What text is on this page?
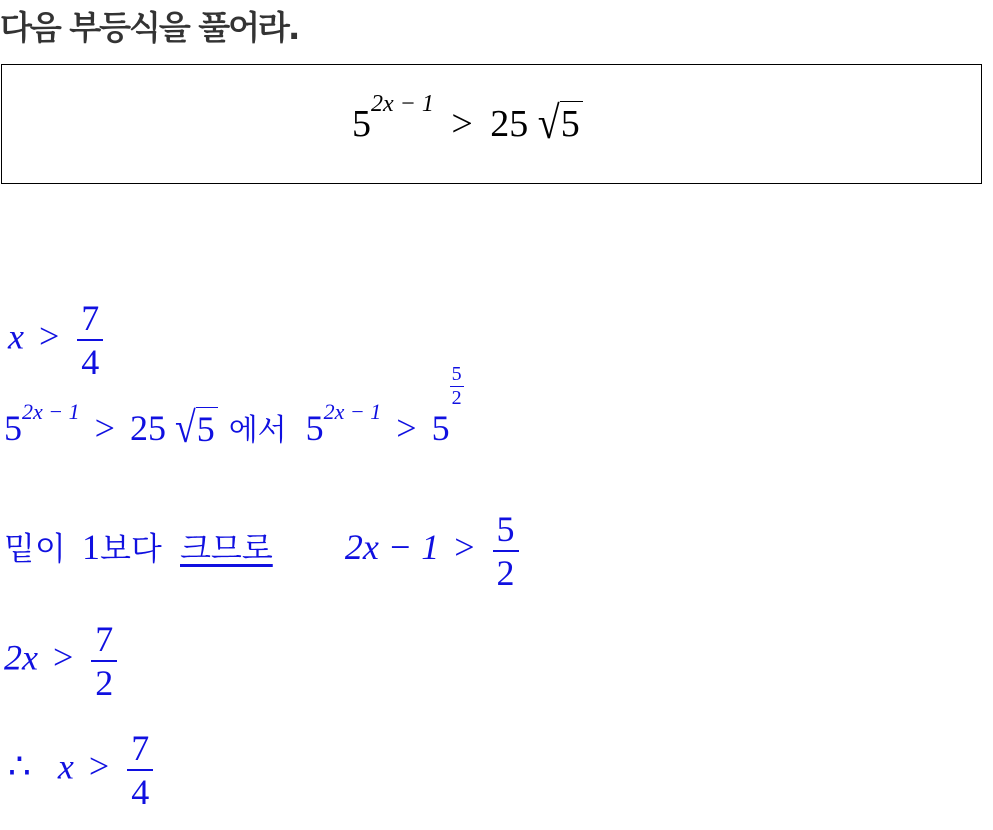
다음 부등식을 풀어라.
52x − 1 > 25 √ 5
$x > \frac{7}{4}$
52x − 1 > 25 √ 5 에서 52x − 1 > 5
$\frac{5}{2}$
밑이 1보다 크므로 $2x - 1 > \frac{5}{2}$
$2x > \frac{7}{2}$
∴ $x > \frac{7}{4}$
